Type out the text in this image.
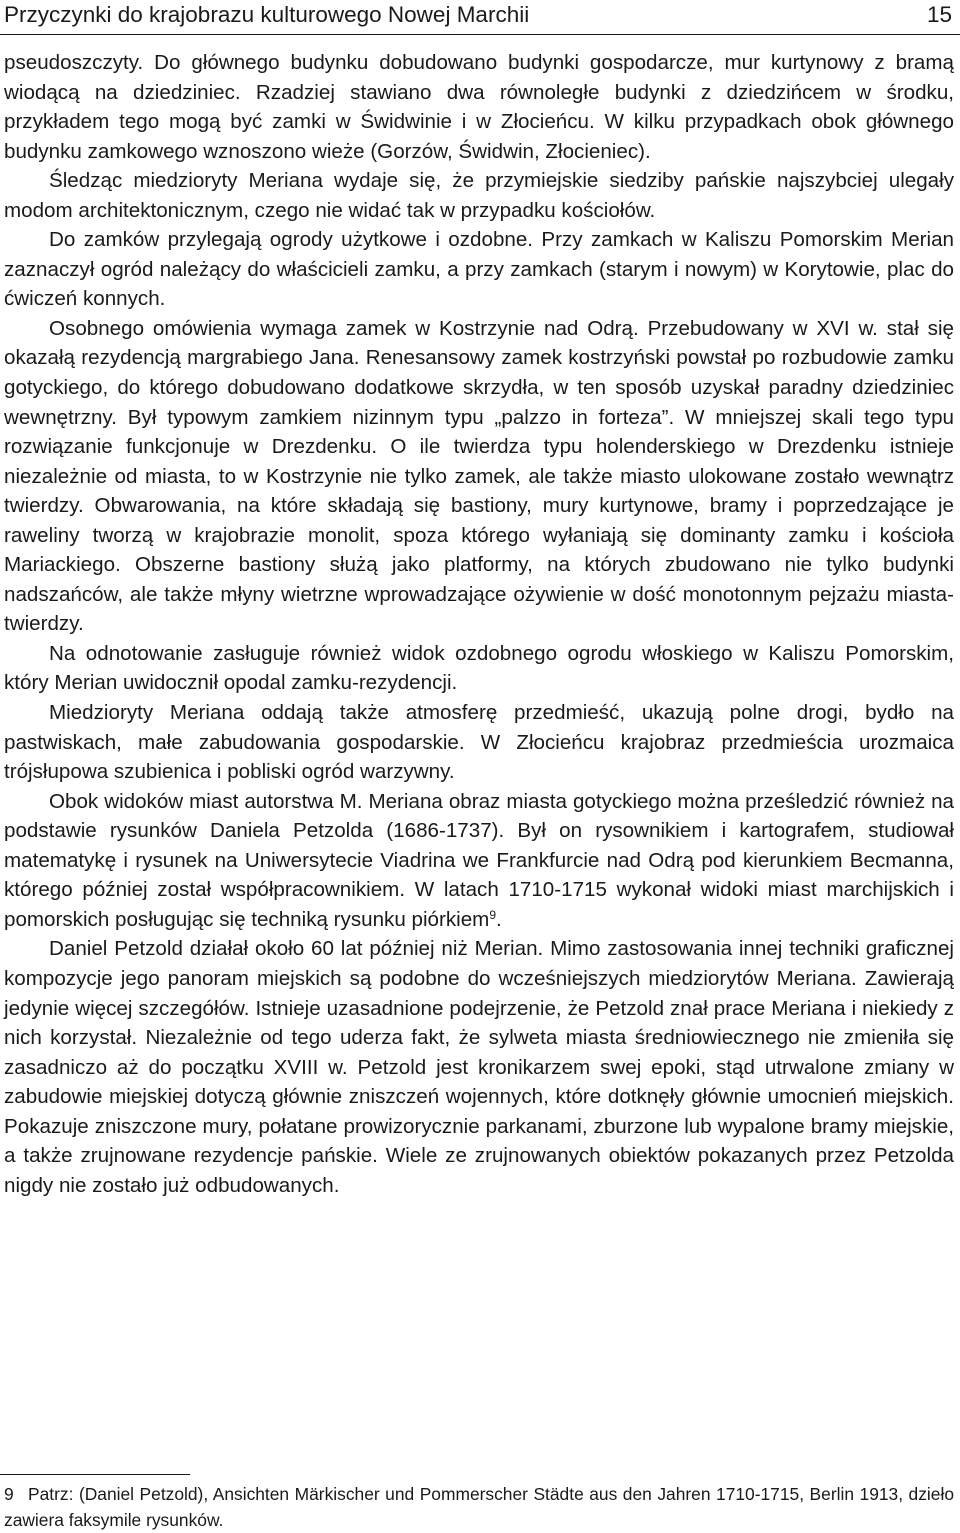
Przyczynki do krajobrazu kulturowego Nowej Marchii	15

pseudoszczyty. Do głównego budynku dobudowano budynki gospodarcze, mur kurtynowy z bramą wiodącą na dziedziniec. Rzadziej stawiano dwa równoległe budynki z dziedzińcem w środku, przykładem tego mogą być zamki w Świdwinie i w Złocieńcu. W kilku przypadkach obok głównego budynku zamkowego wznoszono wieże (Gorzów, Świdwin, Złocieniec).

Śledząc miedzioryty Meriana wydaje się, że przymiejskie siedziby pańskie najszybciej ulegały modom architektonicznym, czego nie widać tak w przypadku kościołów.

Do zamków przylegają ogrody użytkowe i ozdobne. Przy zamkach w Kaliszu Pomorskim Merian zaznaczył ogród należący do właścicieli zamku, a przy zamkach (starym i nowym) w Korytowie, plac do ćwiczeń konnych.

Osobnego omówienia wymaga zamek w Kostrzynie nad Odrą. Przebudowany w XVI w. stał się okazałą rezydencją margrabiego Jana. Renesansowy zamek kostrzyński powstał po rozbudowie zamku gotyckiego, do którego dobudowano dodatkowe skrzydła, w ten sposób uzyskał paradny dziedziniec wewnętrzny. Był typowym zamkiem nizinnym typu „palzzo in forteza”. W mniejszej skali tego typu rozwiązanie funkcjonuje w Drezdenku. O ile twierdza typu holenderskiego w Drezdenku istnieje niezależnie od miasta, to w Kostrzynie nie tylko zamek, ale także miasto ulokowane zostało wewnątrz twierdzy. Obwarowania, na które składają się bastiony, mury kurtynowe, bramy i poprzedzające je raweliny tworzą w krajobrazie monolit, spoza którego wyłaniają się dominanty zamku i kościoła Mariackiego. Obszerne bastiony służą jako platformy, na których zbudowano nie tylko budynki nadszańców, ale także młyny wietrzne wprowadzające ożywienie w dość monotonnym pejzażu miasta-twierdzy.

Na odnotowanie zasługuje również widok ozdobnego ogrodu włoskiego w Kaliszu Pomorskim, który Merian uwidocznił opodal zamku-rezydencji.

Miedzioryty Meriana oddają także atmosferę przedmieść, ukazują polne drogi, bydło na pastwiskach, małe zabudowania gospodarskie. W Złocieńcu krajobraz przedmieścia urozmaica trójsłupowa szubienica i pobliski ogród warzywny.

Obok widoków miast autorstwa M. Meriana obraz miasta gotyckiego można prześledzić również na podstawie rysunków Daniela Petzolda (1686-1737). Był on rysownikiem i kartografem, studiował matematykę i rysunek na Uniwersytecie Viadrina we Frankfurcie nad Odrą pod kierunkiem Becmanna, którego później został współpracownikiem. W latach 1710-1715 wykonał widoki miast marchijskich i pomorskich posługując się techniką rysunku piórkiem$^9$.

Daniel Petzold działał około 60 lat później niż Merian. Mimo zastosowania innej techniki graficznej kompozycje jego panoram miejskich są podobne do wcześniejszych miedziorytów Meriana. Zawierają jedynie więcej szczegółów. Istnieje uzasadnione podejrzenie, że Petzold znał prace Meriana i niekiedy z nich korzystał. Niezależnie od tego uderza fakt, że sylweta miasta średniowiecznego nie zmieniła się zasadniczo aż do początku XVIII w. Petzold jest kronikarzem swej epoki, stąd utrwalone zmiany w zabudowie miejskiej dotyczą głównie zniszczeń wojennych, które dotknęły głównie umocnień miejskich. Pokazuje zniszczone mury, połatane prowizorycznie parkanami, zburzone lub wypalone bramy miejskie, a także zrujnowane rezydencje pańskie. Wiele ze zrujnowanych obiektów pokazanych przez Petzolda nigdy nie zostało już odbudowanych.

9 Patrz: (Daniel Petzold), Ansichten Märkischer und Pommerscher Städte aus den Jahren 1710-1715, Berlin 1913, dzieło zawiera faksymile rysunków.
